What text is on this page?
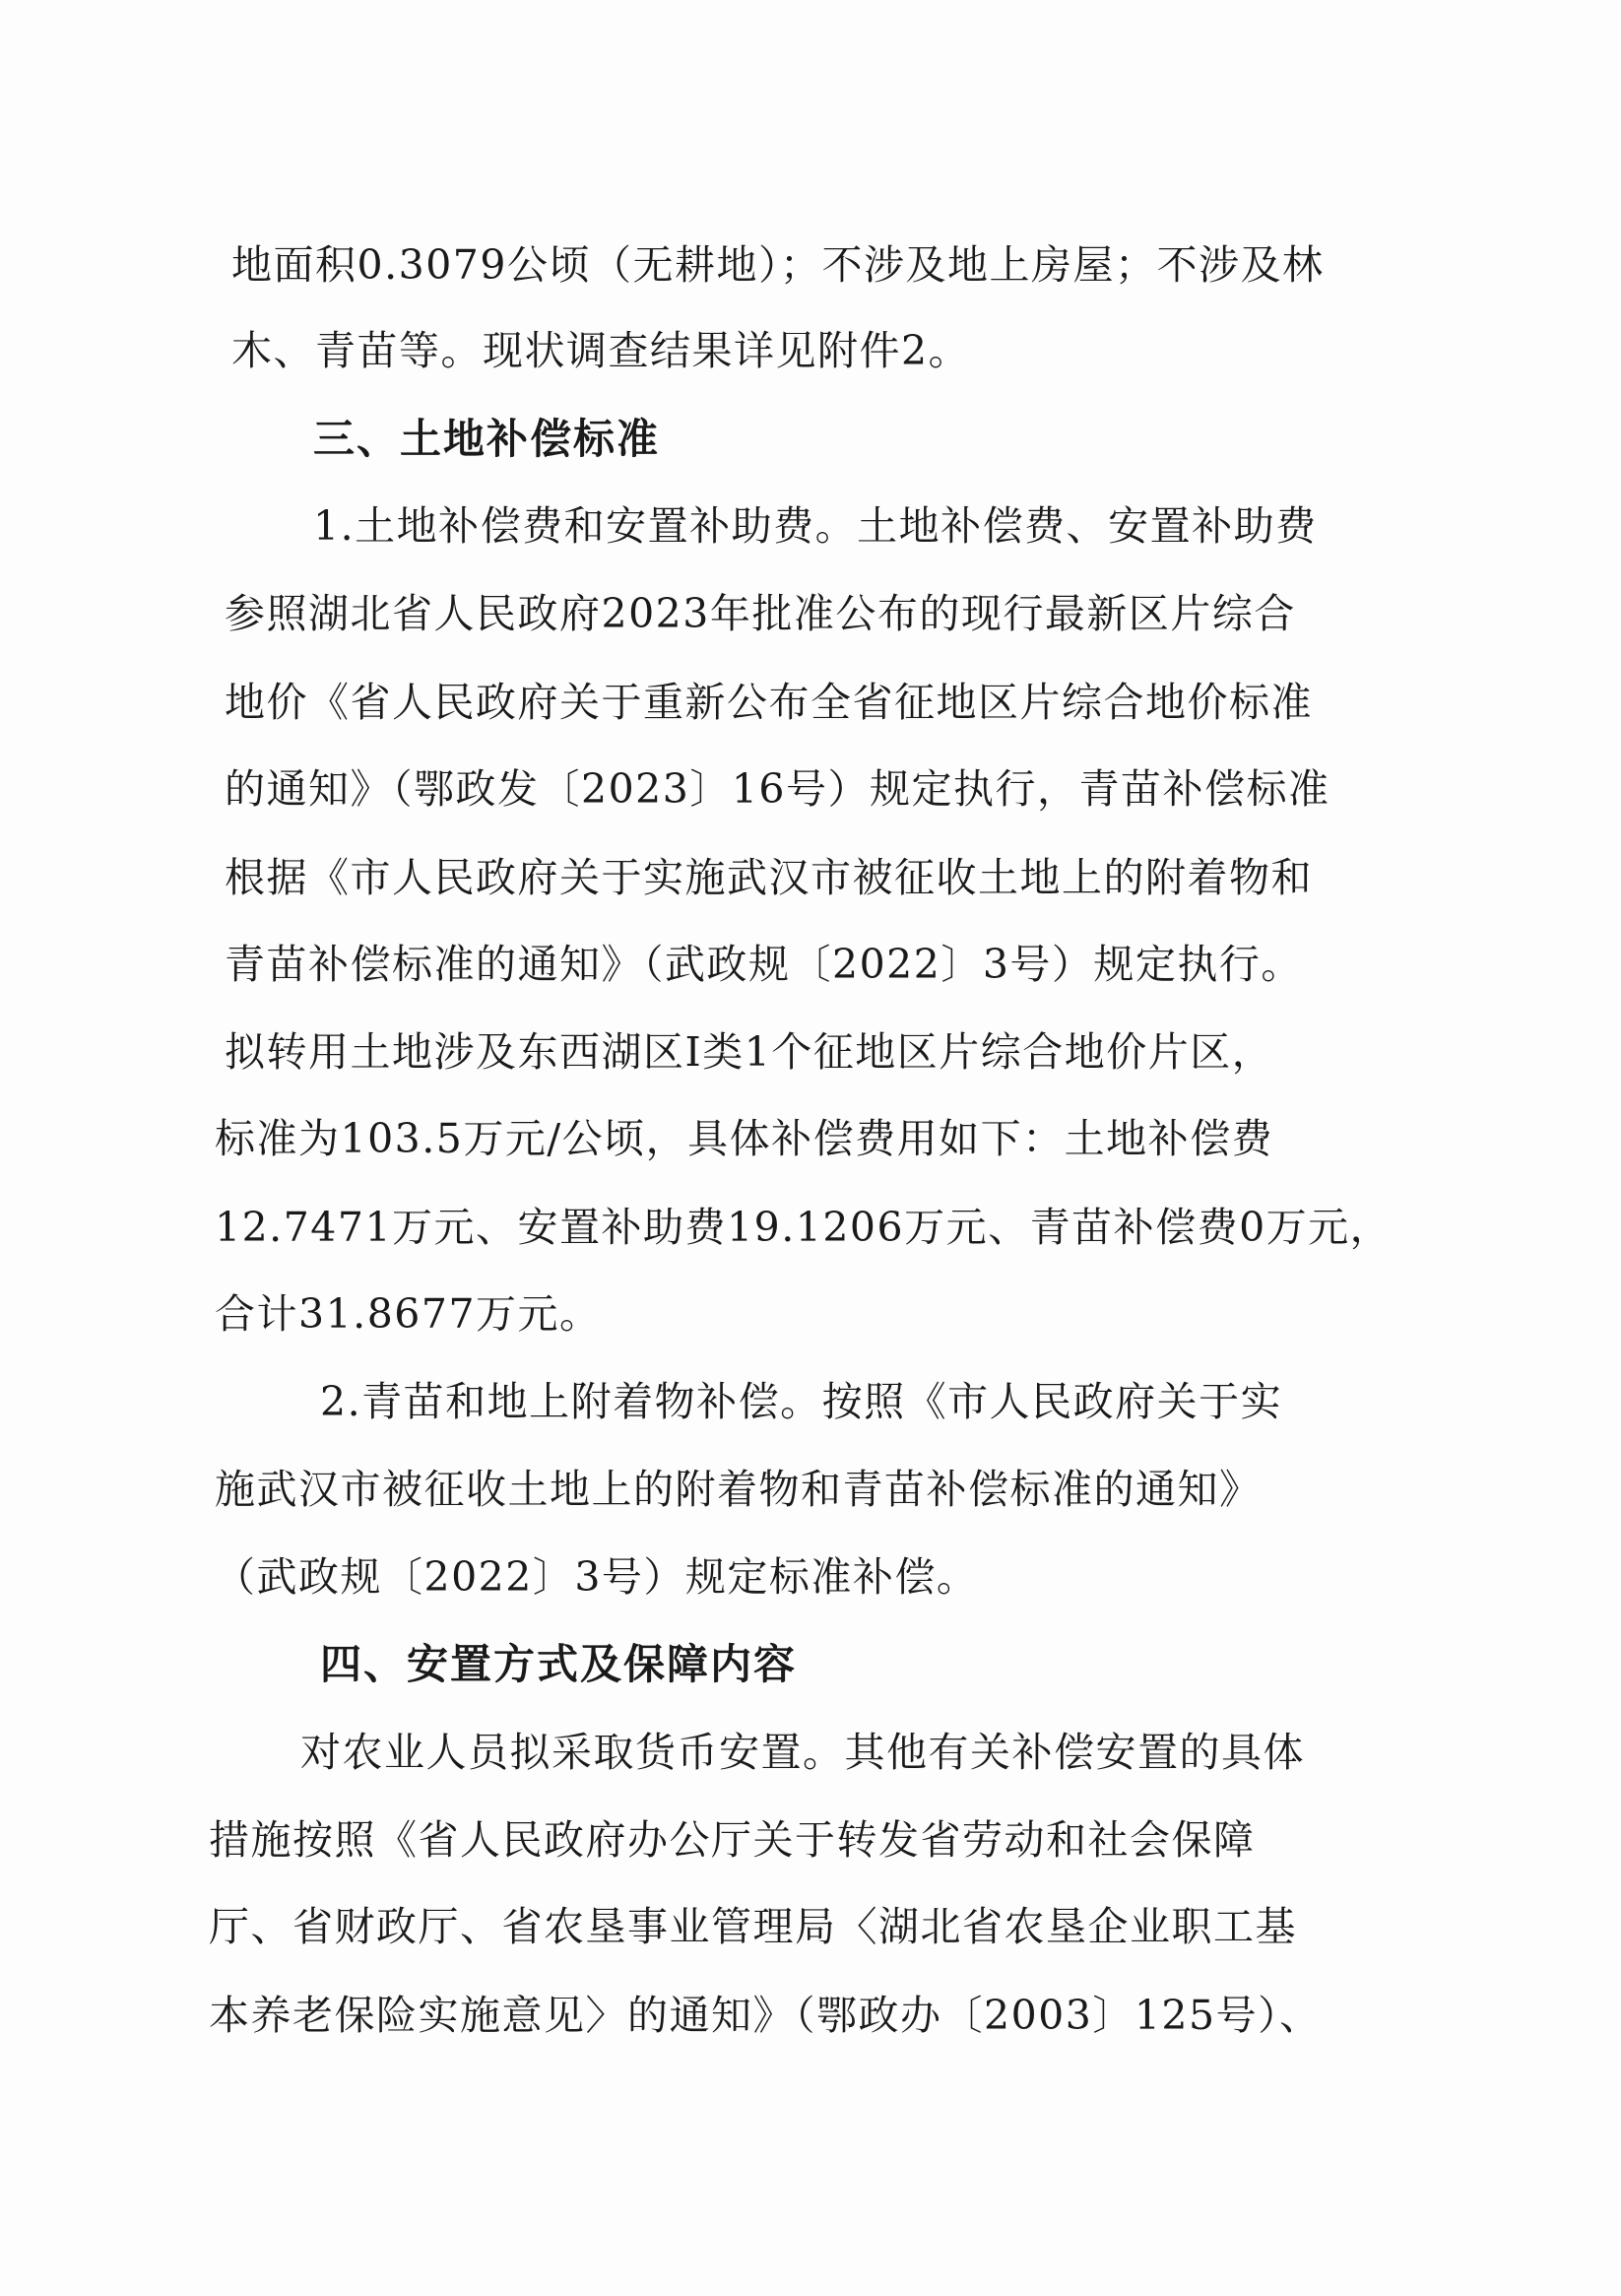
地面积0.3079公顷（无耕地）；不涉及地上房屋；不涉及林
木、青苗等。现状调查结果详见附件2。
三、土地补偿标准
1.土地补偿费和安置补助费。土地补偿费、安置补助费
参照湖北省人民政府2023年批准公布的现行最新区片综合
地价《省人民政府关于重新公布全省征地区片综合地价标准
的通知》（鄂政发〔2023〕16号）规定执行，青苗补偿标准
根据《市人民政府关于实施武汉市被征收土地上的附着物和
青苗补偿标准的通知》（武政规〔2022〕3号）规定执行。
拟转用土地涉及东西湖区Ⅰ类1个征地区片综合地价片区，
标准为103.5万元/公顷，具体补偿费用如下：土地补偿费
12.7471万元、安置补助费19.1206万元、青苗补偿费0万元，
合计31.8677万元。
2.青苗和地上附着物补偿。按照《市人民政府关于实
施武汉市被征收土地上的附着物和青苗补偿标准的通知》
（武政规〔2022〕3号）规定标准补偿。
四、安置方式及保障内容
对农业人员拟采取货币安置。其他有关补偿安置的具体
措施按照《省人民政府办公厅关于转发省劳动和社会保障
厅、省财政厅、省农垦事业管理局〈湖北省农垦企业职工基
本养老保险实施意见〉的通知》（鄂政办〔2003〕125号）、
